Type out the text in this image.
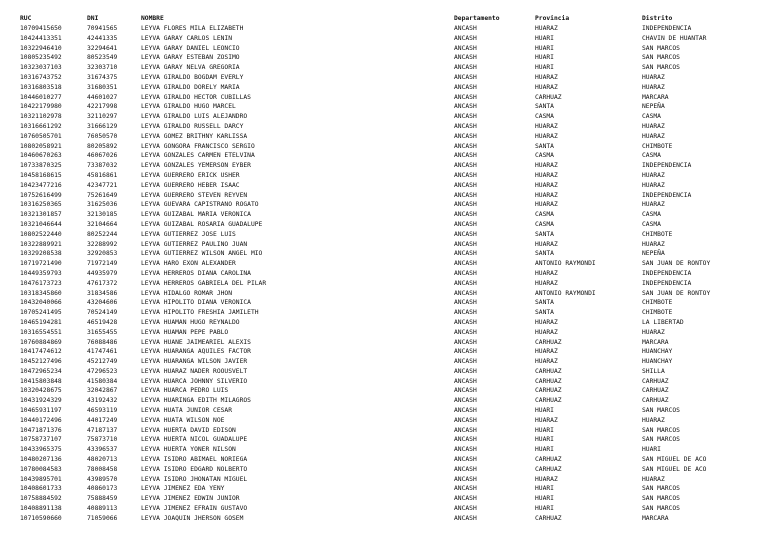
RUC	DNI	NOMBRE	Departamento	Provincia	Distrito
10709415650	70941565	LEYVA FLORES MILA ELIZABETH	ANCASH	HUARAZ	INDEPENDENCIA
10424413351	42441335	LEYVA GARAY CARLOS LENIN	ANCASH	HUARI	CHAVIN DE HUANTAR
10322946410	32294641	LEYVA GARAY DANIEL LEONCIO	ANCASH	HUARI	SAN MARCOS
10805235492	80523549	LEYVA GARAY ESTEBAN ZOSIMO	ANCASH	HUARI	SAN MARCOS
10323037103	32303710	LEYVA GARAY NELVA GREGORIA	ANCASH	HUARI	SAN MARCOS
10316743752	31674375	LEYVA GIRALDO BOGDAM EVERLY	ANCASH	HUARAZ	HUARAZ
10316803518	31680351	LEYVA GIRALDO DORELY MARIA	ANCASH	HUARAZ	HUARAZ
10446010277	44601027	LEYVA GIRALDO HECTOR CUBILLAS	ANCASH	CARHUAZ	MARCARA
10422179980	42217998	LEYVA GIRALDO HUGO MARCEL	ANCASH	SANTA	NEPEÑA
10321102978	32110297	LEYVA GIRALDO LUIS ALEJANDRO	ANCASH	CASMA	CASMA
10316661292	31666129	LEYVA GIRALDO RUSSELL DARCY	ANCASH	HUARAZ	HUARAZ
10760505701	76050570	LEYVA GOMEZ BRITHNY KARLISSA	ANCASH	HUARAZ	HUARAZ
10802058921	80205892	LEYVA GONGORA FRANCISCO SERGIO	ANCASH	SANTA	CHIMBOTE
10460670263	46067026	LEYVA GONZALES CARMEN ETELVINA	ANCASH	CASMA	CASMA
10733870325	73387032	LEYVA GONZALES YEMERSON EYBER	ANCASH	HUARAZ	INDEPENDENCIA
10458168615	45816861	LEYVA GUERRERO ERICK USHER	ANCASH	HUARAZ	HUARAZ
10423477216	42347721	LEYVA GUERRERO HEBER ISAAC	ANCASH	HUARAZ	HUARAZ
10752616499	75261649	LEYVA GUERRERO STEVEN REYVEN	ANCASH	HUARAZ	INDEPENDENCIA
10316250365	31625036	LEYVA GUEVARA CAPISTRANO ROGATO	ANCASH	HUARAZ	HUARAZ
10321301857	32130185	LEYVA GUIZABAL MARIA VERONICA	ANCASH	CASMA	CASMA
10321046644	32104664	LEYVA GUIZABAL ROSARIA GUADALUPE	ANCASH	CASMA	CASMA
10802522440	80252244	LEYVA GUTIERREZ JOSE LUIS	ANCASH	SANTA	CHIMBOTE
10322889921	32288992	LEYVA GUTIERREZ PAULINO JUAN	ANCASH	HUARAZ	HUARAZ
10329208538	32920853	LEYVA GUTIERREZ WILSON ANGEL MIO	ANCASH	SANTA	NEPEÑA
10719721490	71972149	LEYVA HARO EXON ALEXANDER	ANCASH	ANTONIO RAYMONDI	SAN JUAN DE RONTOY
10449359793	44935979	LEYVA HERREROS DIANA CAROLINA	ANCASH	HUARAZ	INDEPENDENCIA
10476173723	47617372	LEYVA HERREROS GABRIELA DEL PILAR	ANCASH	HUARAZ	INDEPENDENCIA
10318345860	31834586	LEYVA HIDALGO ROMAR JHON	ANCASH	ANTONIO RAYMONDI	SAN JUAN DE RONTOY
10432040066	43204606	LEYVA HIPOLITO DIANA VERONICA	ANCASH	SANTA	CHIMBOTE
10705241495	70524149	LEYVA HIPOLITO FRESHIA JAMILETH	ANCASH	SANTA	CHIMBOTE
10465194281	46519428	LEYVA HUAMAN HUGO REYNALDO	ANCASH	HUARAZ	LA LIBERTAD
10316554551	31655455	LEYVA HUAMAN PEPE PABLO	ANCASH	HUARAZ	HUARAZ
10760884869	76088486	LEYVA HUANE JAIMEARIEL ALEXIS	ANCASH	CARHUAZ	MARCARA
10417474612	41747461	LEYVA HUARANGA AQUILES FACTOR	ANCASH	HUARAZ	HUANCHAY
10452127496	45212749	LEYVA HUARANGA WILSON JAVIER	ANCASH	HUARAZ	HUANCHAY
10472965234	47296523	LEYVA HUARAZ NADER ROOUSVELT	ANCASH	CARHUAZ	SHILLA
10415803848	41580384	LEYVA HUARCA JOHNNY SILVERIO	ANCASH	CARHUAZ	CARHUAZ
10320428675	32042867	LEYVA HUARCA PEDRO LUIS	ANCASH	CARHUAZ	CARHUAZ
10431924329	43192432	LEYVA HUARINGA EDITH MILAGROS	ANCASH	CARHUAZ	CARHUAZ
10465931197	46593119	LEYVA HUATA JUNIOR CESAR	ANCASH	HUARI	SAN MARCOS
10440172496	44017249	LEYVA HUATA WILSON NOE	ANCASH	HUARAZ	HUARAZ
10471871376	47187137	LEYVA HUERTA DAVID EDISON	ANCASH	HUARI	SAN MARCOS
10758737107	75873710	LEYVA HUERTA NICOL GUADALUPE	ANCASH	HUARI	SAN MARCOS
10433965375	43396537	LEYVA HUERTA YONER NILSON	ANCASH	HUARI	HUARI
10480207136	48020713	LEYVA ISIDRO ABIMAEL NORIEGA	ANCASH	CARHUAZ	SAN MIGUEL DE ACO
10780084583	78008458	LEYVA ISIDRO EDGARD NOLBERTO	ANCASH	CARHUAZ	SAN MIGUEL DE ACO
10439895701	43989570	LEYVA ISIDRO JHONATAN MIGUEL	ANCASH	HUARAZ	HUARAZ
10408601733	40860173	LEYVA JIMENEZ EDA YENY	ANCASH	HUARI	SAN MARCOS
10758884592	75888459	LEYVA JIMENEZ EDWIN JUNIOR	ANCASH	HUARI	SAN MARCOS
10408891138	40889113	LEYVA JIMENEZ EFRAIN GUSTAVO	ANCASH	HUARI	SAN MARCOS
10710590660	71059066	LEYVA JOAQUIN JHERSON GOSEM	ANCASH	CARHUAZ	MARCARA
